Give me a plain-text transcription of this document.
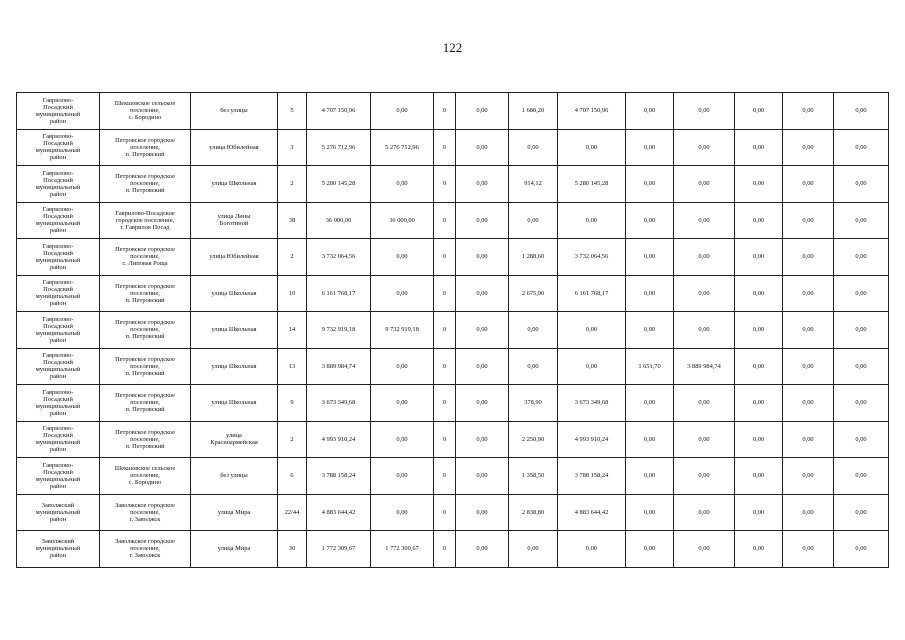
122
Гаврилово-
Посадский
муниципальный
район	Шекшовское сельское
поселение,
с. Бородино	без улицы	5	4 707 150,96	0,00	0	0,00	1 680,20	4 707 150,96	0,00	0,00	0,00	0,00	0,00
Гаврилово-
Посадский
муниципальный
район	Петровское городское
поселение,
п. Петровский	улица Юбилейная	3	5 276 712,96	5 276 712,96	0	0,00	0,00	0,00	0,00	0,00	0,00	0,00	0,00
Гаврилово-
Посадский
муниципальный
район	Петровское городское
поселение,
п. Петровский	улица Школьная	2	5 280 145,28	0,00	0	0,00	914,12	5 280 145,28	0,00	0,00	0,00	0,00	0,00
Гаврилово-
Посадский
муниципальный
район	Гаврилово-Посадское
городское поселение,
г. Гаврилов Посад	улица Лины
Боготиной	38	36 000,00	36 000,00	0	0,00	0,00	0,00	0,00	0,00	0,00	0,00	0,00
Гаврилово-
Посадский
муниципальный
район	Петровское городское
поселение,
с. Липовая Роща	улица Юбилейная	2	3 732 064,56	0,00	0	0,00	1 288,60	3 732 064,56	0,00	0,00	0,00	0,00	0,00
Гаврилово-
Посадский
муниципальный
район	Петровское городское
поселение,
п. Петровский	улица Школьная	10	6 161 768,17	0,00	0	0,00	2 675,90	6 161 768,17	0,00	0,00	0,00	0,00	0,00
Гаврилово-
Посадский
муниципальный
район	Петровское городское
поселение,
п. Петровский	улица Школьная	14	9 732 919,18	9 732 919,18	0	0,00	0,00	0,00	0,00	0,00	0,00	0,00	0,00
Гаврилово-
Посадский
муниципальный
район	Петровское городское
поселение,
п. Петровский	улица Школьная	13	3 889 984,74	0,00	0	0,00	0,00	0,00	1 651,70	3 889 984,74	0,00	0,00	0,00
Гаврилово-
Посадский
муниципальный
район	Петровское городское
поселение,
п. Петровский	улица Школьная	9	3 673 349,68	0,00	0	0,00	378,90	3 673 349,68	0,00	0,00	0,00	0,00	0,00
Гаврилово-
Посадский
муниципальный
район	Петровское городское
поселение,
п. Петровский	улица
Красноармейская	2	4 993 910,24	0,00	0	0,00	2 250,90	4 993 910,24	0,00	0,00	0,00	0,00	0,00
Гаврилово-
Посадский
муниципальный
район	Шекшовское сельское
поселение,
с. Бородино	без улицы	6	3 788 158,24	0,00	0	0,00	1 358,50	3 788 158,24	0,00	0,00	0,00	0,00	0,00
Заволжский
муниципальный
район	Заволжское городское
поселение,
г. Заволжск	улица Мира	22/44	4 883 644,42	0,00	0	0,00	2 838,80	4 883 644,42	0,00	0,00	0,00	0,00	0,00
Заволжский
муниципальный
район	Заволжское городское
поселение,
г. Заволжск	улица Мира	30	1 772 309,67	1 772 309,67	0	0,00	0,00	0,00	0,00	0,00	0,00	0,00	0,00
